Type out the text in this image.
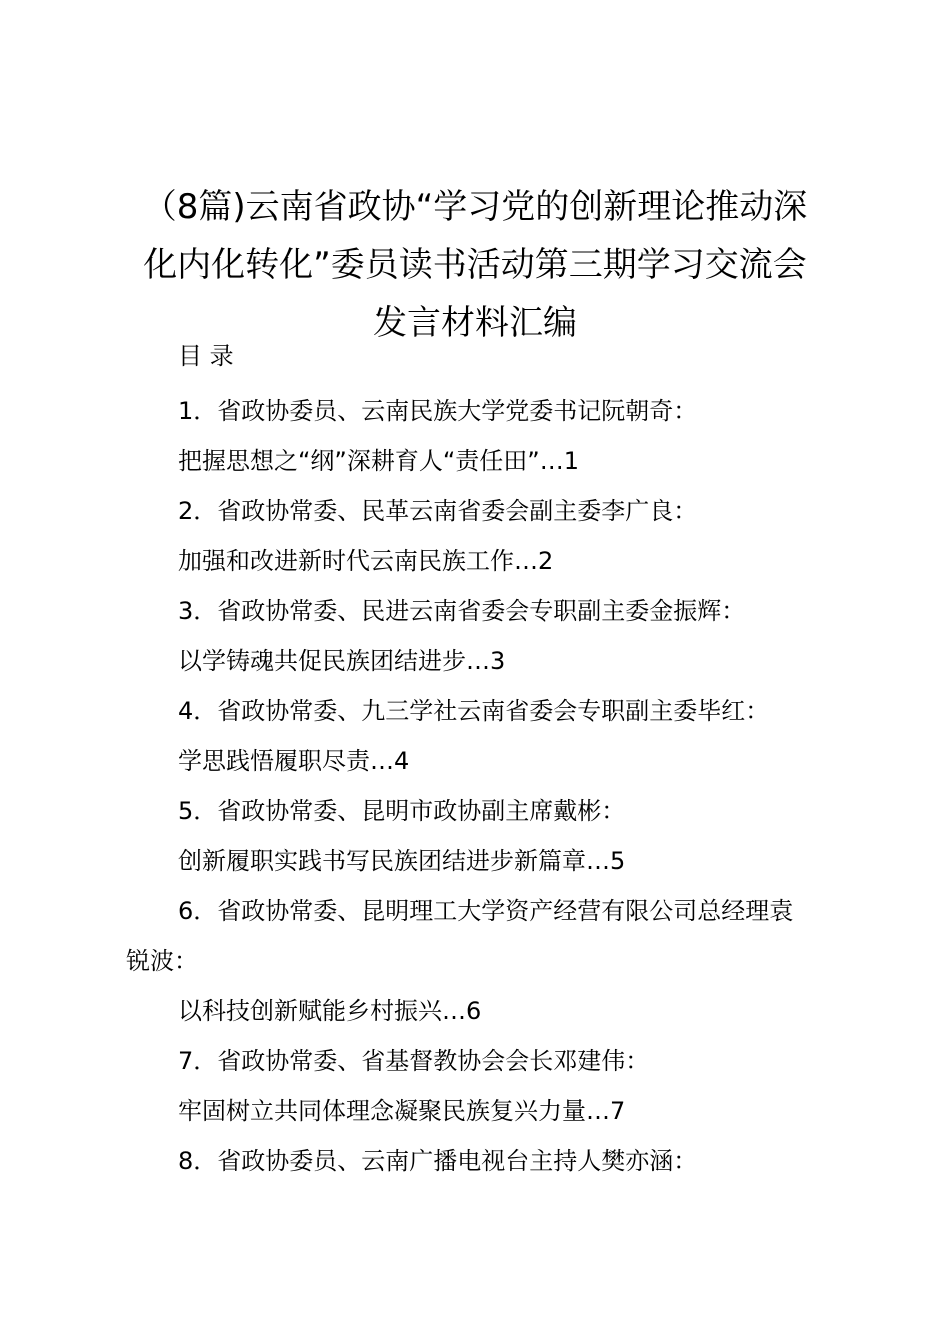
（8篇)云南省政协“学习党的创新理论推动深
化内化转化”委员读书活动第三期学习交流会
发言材料汇编
目 录
1．省政协委员、云南民族大学党委书记阮朝奇：
把握思想之“纲”深耕育人“责任田”…1
2．省政协常委、民革云南省委会副主委李广良：
加强和改进新时代云南民族工作…2
3．省政协常委、民进云南省委会专职副主委金振辉：
以学铸魂共促民族团结进步…3
4．省政协常委、九三学社云南省委会专职副主委毕红：
学思践悟履职尽责…4
5．省政协常委、昆明市政协副主席戴彬：
创新履职实践书写民族团结进步新篇章…5
6．省政协常委、昆明理工大学资产经营有限公司总经理袁
锐波：
以科技创新赋能乡村振兴…6
7．省政协常委、省基督教协会会长邓建伟：
牢固树立共同体理念凝聚民族复兴力量…7
8．省政协委员、云南广播电视台主持人樊亦涵：
